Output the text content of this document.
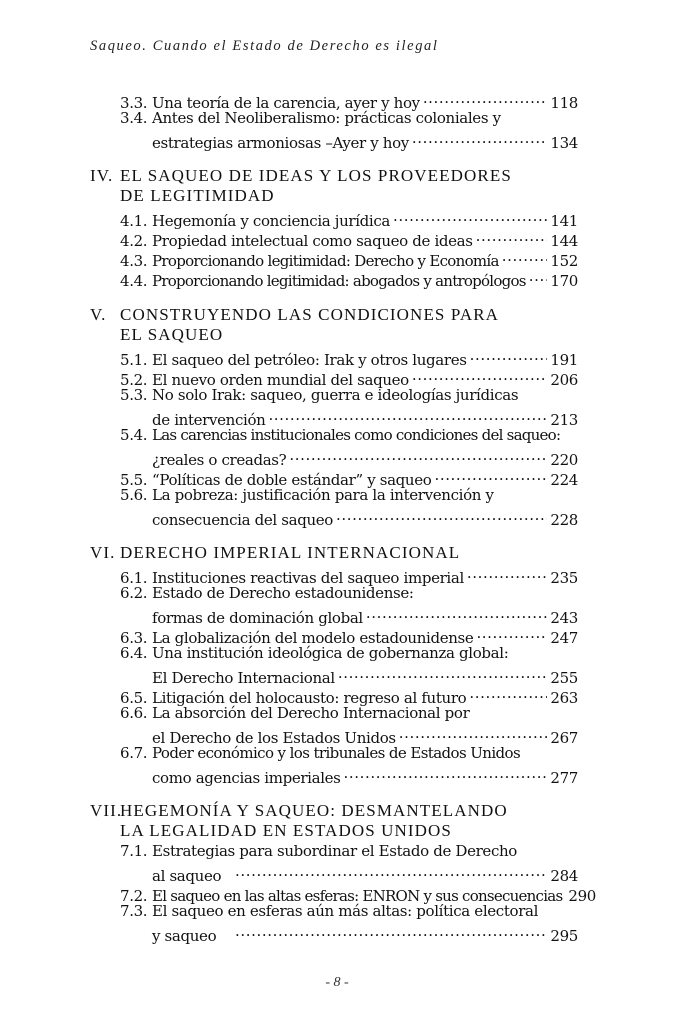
Saqueo. Cuando el Estado de Derecho es ilegal
3.3. Una teoría de la carencia, ayer y hoy .....	118
3.4. Antes del Neoliberalismo: prácticas coloniales y
estrategias armoniosas –Ayer y hoy .....	134
IV. EL SAQUEO DE IDEAS Y LOS PROVEEDORES
DE LEGITIMIDAD
4.1. Hegemonía y conciencia jurídica .....	141
4.2. Propiedad intelectual como saqueo de ideas .....	144
4.3. Proporcionando legitimidad: Derecho y Economía .....	152
4.4. Proporcionando legitimidad: abogados y antropólogos ..... 170
V. CONSTRUYENDO LAS CONDICIONES PARA
EL SAQUEO
5.1. El saqueo del petróleo: Irak y otros lugares .....	191
5.2. El nuevo orden mundial del saqueo .....	206
5.3. No solo Irak: saqueo, guerra e ideologías jurídicas
de intervención .....	213
5.4. Las carencias institucionales como condiciones del saqueo:
¿reales o creadas? .....	220
5.5. “Políticas de doble estándar” y saqueo .....	224
5.6. La pobreza: justificación para la intervención y
consecuencia del saqueo .....	228
VI. DERECHO IMPERIAL INTERNACIONAL
6.1. Instituciones reactivas del saqueo imperial .....	235
6.2. Estado de Derecho estadounidense:
formas de dominación global .....	243
6.3. La globalización del modelo estadounidense .....	247
6.4. Una institución ideológica de gobernanza global:
El Derecho Internacional .....	255
6.5. Litigación del holocausto: regreso al futuro .....	263
6.6. La absorción del Derecho Internacional por
el Derecho de los Estados Unidos .....	267
6.7. Poder económico y los tribunales de Estados Unidos
como agencias imperiales .....	277
VII.
HEGEMONÍA Y SAQUEO: DESMANTELANDO
LA LEGALIDAD EN ESTADOS UNIDOS
7.1. Estrategias para subordinar el Estado de Derecho
al saqueo .....	284
7.2. El saqueo en las altas esferas: ENRON y sus consecuencias 290
7.3. El saqueo en esferas aún más altas: política electoral
y saqueo .....	295
- 8 -
